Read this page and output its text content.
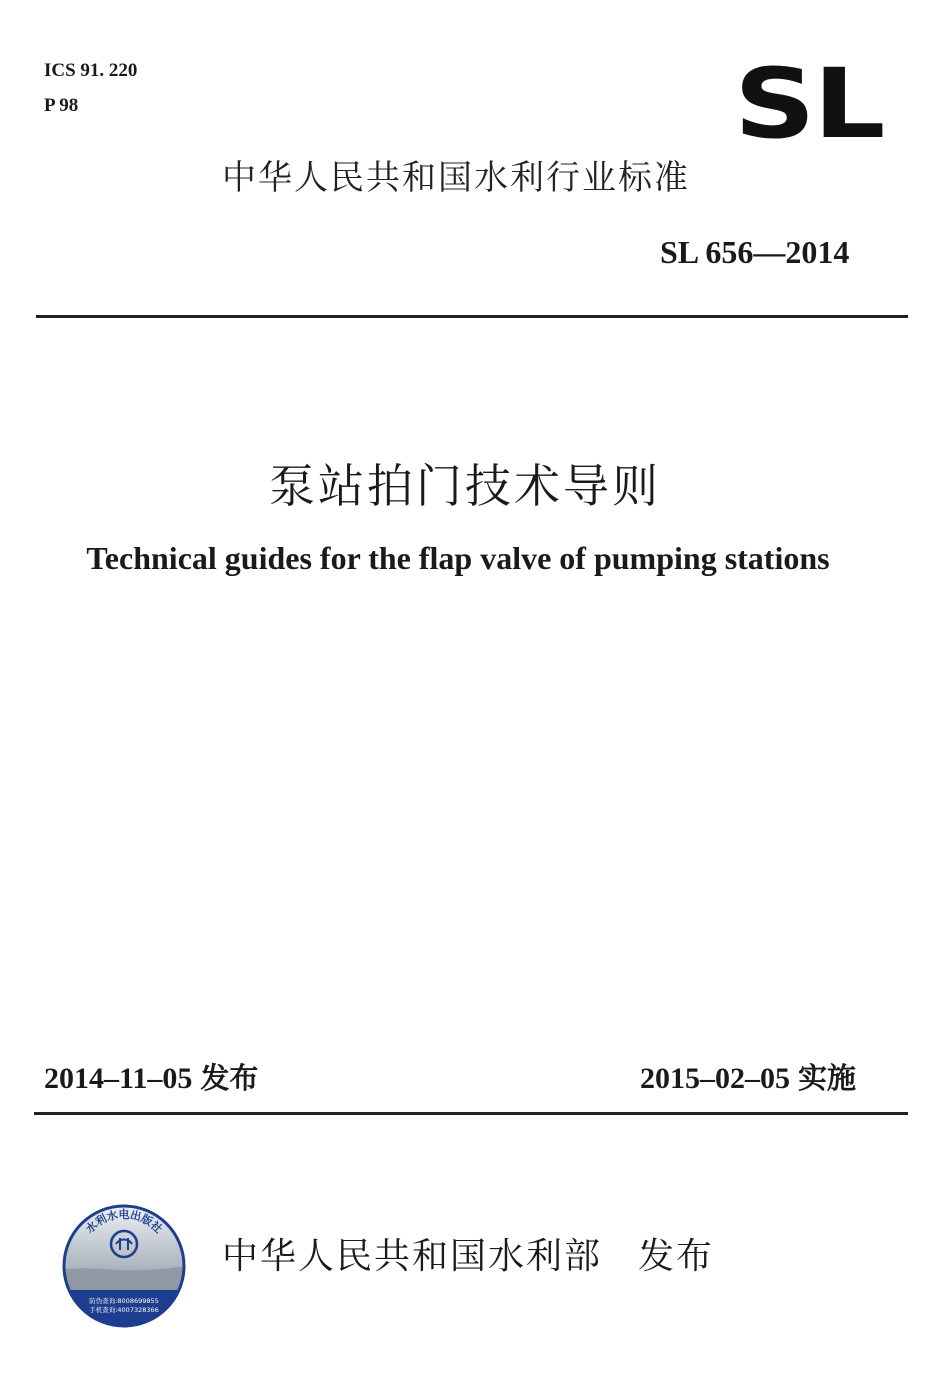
ICS 91. 220
P 98	SL
中华人民共和国水利行业标准
SL 656—2014
泵站拍门技术导则
Technical guides for the flap valve of pumping stations
2014–11–05 发布	2015–02–05 实施
水利水电出版社
防伪查询:8008699855
手机查询:4007328366
中华人民共和国水利部 发布
